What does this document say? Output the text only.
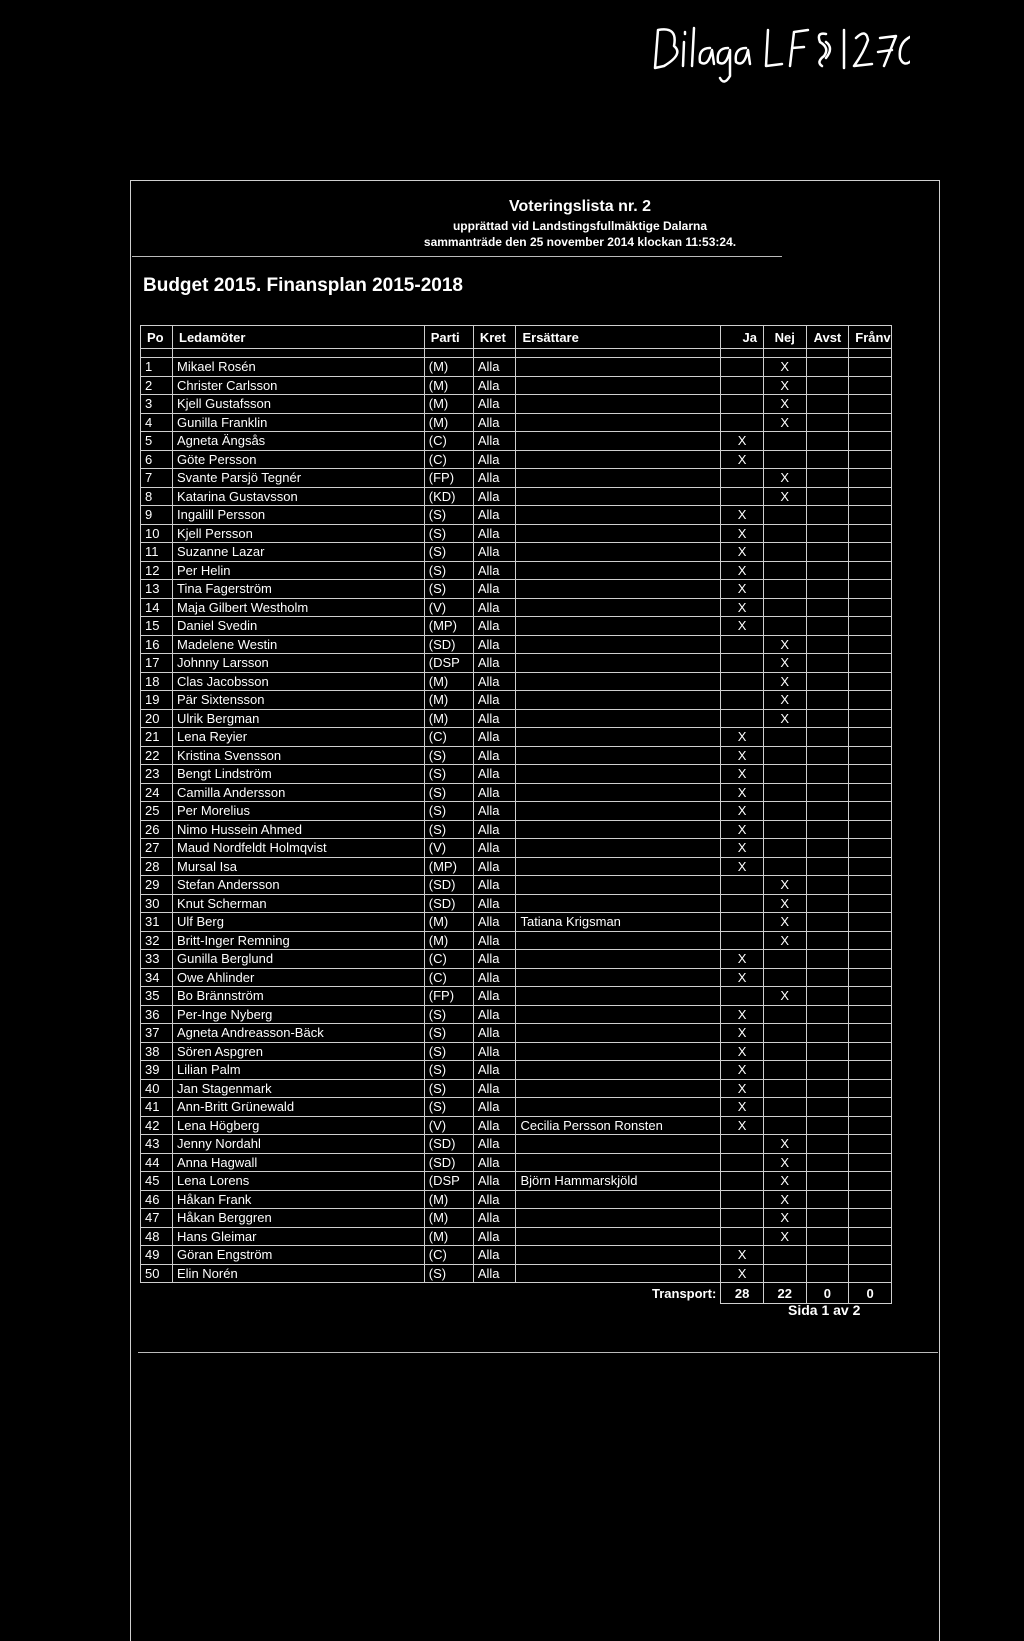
Voteringslista nr. 2
upprättad vid Landstingsfullmäktige Dalarna
sammanträde den 25 november 2014 klockan 11:53:24.
Budget 2015. Finansplan 2015-2018
Po	Ledamöter	Parti	Kret	Ersättare	Ja	Nej	Avst	Frånv

1	Mikael Rosén	(M)	Alla			X		
2	Christer Carlsson	(M)	Alla			X		
3	Kjell Gustafsson	(M)	Alla			X		
4	Gunilla Franklin	(M)	Alla			X		
5	Agneta Ängsås	(C)	Alla		X			
6	Göte Persson	(C)	Alla		X			
7	Svante Parsjö Tegnér	(FP)	Alla			X		
8	Katarina Gustavsson	(KD)	Alla			X		
9	Ingalill Persson	(S)	Alla		X			
10	Kjell Persson	(S)	Alla		X			
11	Suzanne Lazar	(S)	Alla		X			
12	Per Helin	(S)	Alla		X			
13	Tina Fagerström	(S)	Alla		X			
14	Maja Gilbert Westholm	(V)	Alla		X			
15	Daniel Svedin	(MP)	Alla		X			
16	Madelene Westin	(SD)	Alla			X		
17	Johnny Larsson	(DSP	Alla			X		
18	Clas Jacobsson	(M)	Alla			X		
19	Pär Sixtensson	(M)	Alla			X		
20	Ulrik Bergman	(M)	Alla			X		
21	Lena Reyier	(C)	Alla		X			
22	Kristina Svensson	(S)	Alla		X			
23	Bengt Lindström	(S)	Alla		X			
24	Camilla Andersson	(S)	Alla		X			
25	Per Morelius	(S)	Alla		X			
26	Nimo Hussein Ahmed	(S)	Alla		X			
27	Maud Nordfeldt Holmqvist	(V)	Alla		X			
28	Mursal Isa	(MP)	Alla		X			
29	Stefan Andersson	(SD)	Alla			X		
30	Knut Scherman	(SD)	Alla			X		
31	Ulf Berg	(M)	Alla	Tatiana Krigsman		X		
32	Britt-Inger Remning	(M)	Alla			X		
33	Gunilla Berglund	(C)	Alla		X			
34	Owe Ahlinder	(C)	Alla		X			
35	Bo Brännström	(FP)	Alla			X		
36	Per-Inge Nyberg	(S)	Alla		X			
37	Agneta Andreasson-Bäck	(S)	Alla		X			
38	Sören Aspgren	(S)	Alla		X			
39	Lilian Palm	(S)	Alla		X			
40	Jan Stagenmark	(S)	Alla		X			
41	Ann-Britt Grünewald	(S)	Alla		X			
42	Lena Högberg	(V)	Alla	Cecilia Persson Ronsten	X			
43	Jenny Nordahl	(SD)	Alla			X		
44	Anna Hagwall	(SD)	Alla			X		
45	Lena Lorens	(DSP	Alla	Björn Hammarskjöld		X		
46	Håkan Frank	(M)	Alla			X		
47	Håkan Berggren	(M)	Alla			X		
48	Hans Gleimar	(M)	Alla			X		
49	Göran Engström	(C)	Alla		X			
50	Elin Norén	(S)	Alla		X			
				Transport:	28	22	0	0
Sida 1 av 2
